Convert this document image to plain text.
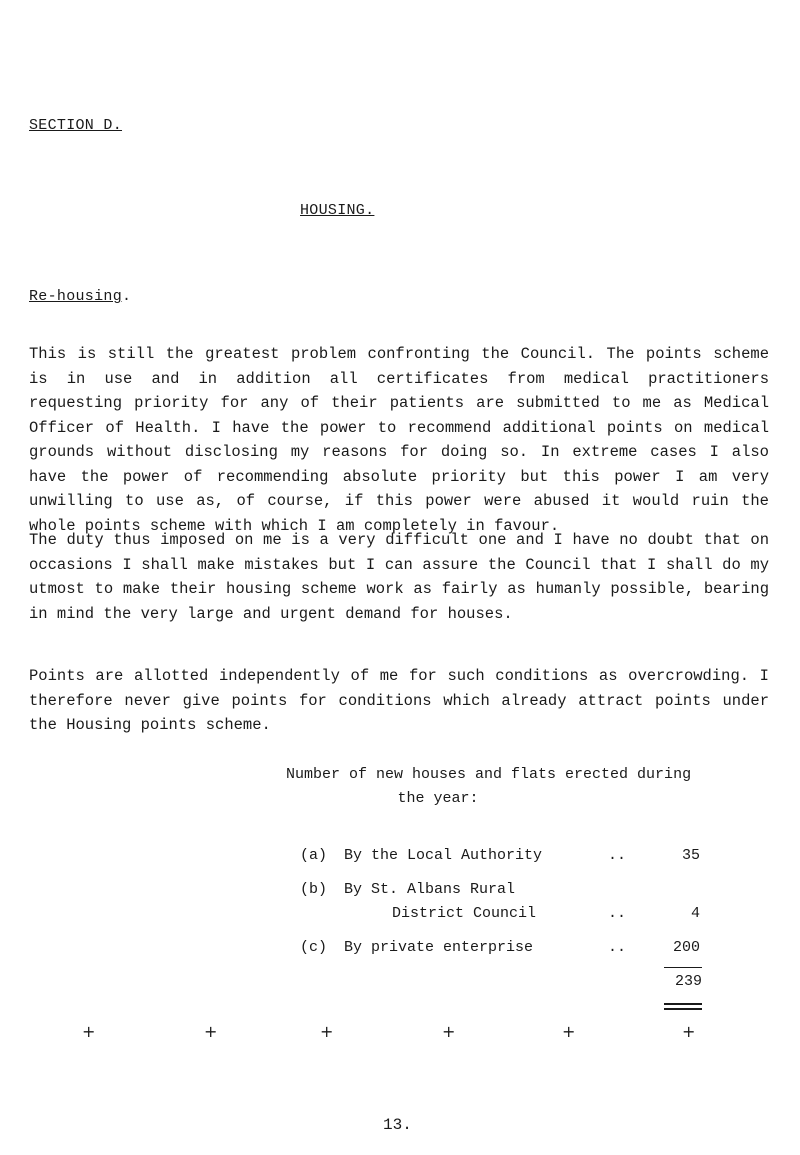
SECTION D.
HOUSING.
Re-housing.

This is still the greatest problem confronting the Council. The points scheme is in use and in addition all certificates from medical practitioners requesting priority for any of their patients are submitted to me as Medical Officer of Health. I have the power to recommend additional points on medical grounds without disclosing my reasons for doing so. In extreme cases I also have the power of recommending absolute priority but this power I am very unwilling to use as, of course, if this power were abused it would ruin the whole points scheme with which I am completely in favour.

The duty thus imposed on me is a very difficult one and I have no doubt that on occasions I shall make mistakes but I can assure the Council that I shall do my utmost to make their housing scheme work as fairly as humanly possible, bearing in mind the very large and urgent demand for houses.

Points are allotted independently of me for such conditions as overcrowding. I therefore never give points for conditions which already attract points under the Housing points scheme.

Number of new houses and flats erected during
the year:
(a) By the Local Authority	..	35
(b) By St. Albans Rural
District Council	..	4
(c) By private enterprise	..	200
239
+	+	+	+	+	+
13.
